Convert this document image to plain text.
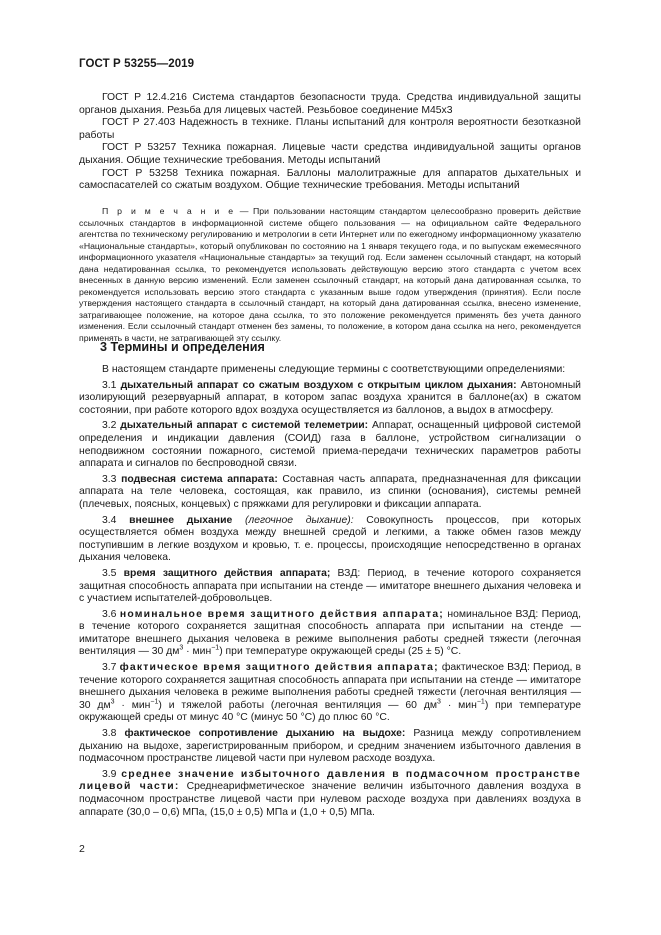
ГОСТ Р 53255—2019

ГОСТ Р 12.4.216 Система стандартов безопасности труда. Средства индивидуальной защиты органов дыхания. Резьба для лицевых частей. Резьбовое соединение M45x3

ГОСТ Р 27.403 Надежность в технике. Планы испытаний для контроля вероятности безотказной работы

ГОСТ Р 53257 Техника пожарная. Лицевые части средства индивидуальной защиты органов дыхания. Общие технические требования. Методы испытаний

ГОСТ Р 53258 Техника пожарная. Баллоны малолитражные для аппаратов дыхательных и самоспасателей со сжатым воздухом. Общие технические требования. Методы испытаний

П р и м е ч а н и е — При пользовании настоящим стандартом целесообразно проверить действие ссылочных стандартов в информационной системе общего пользования — на официальном сайте Федерального агентства по техническому регулированию и метрологии в сети Интернет или по ежегодному информационному указателю «Национальные стандарты», который опубликован по состоянию на 1 января текущего года, и по выпускам ежемесячного информационного указателя «Национальные стандарты» за текущий год. Если заменен ссылочный стандарт, на который дана недатированная ссылка, то рекомендуется использовать действующую версию этого стандарта с учетом всех внесенных в данную версию изменений. Если заменен ссылочный стандарт, на который дана датированная ссылка, то рекомендуется использовать версию этого стандарта с указанным выше годом утверждения (принятия). Если после утверждения настоящего стандарта в ссылочный стандарт, на который дана датированная ссылка, внесено изменение, затрагивающее положение, на которое дана ссылка, то это положение рекомендуется применять без учета данного изменения. Если ссылочный стандарт отменен без замены, то положение, в котором дана ссылка на него, рекомендуется применять в части, не затрагивающей эту ссылку.

3 Термины и определения

В настоящем стандарте применены следующие термины с соответствующими определениями:

3.1 дыхательный аппарат со сжатым воздухом с открытым циклом дыхания: Автономный изолирующий резервуарный аппарат, в котором запас воздуха хранится в баллоне(ах) в сжатом состоянии, при работе которого вдох воздуха осуществляется из баллонов, а выдох в атмосферу.

3.2 дыхательный аппарат с системой телеметрии: Аппарат, оснащенный цифровой системой определения и индикации давления (СОИД) газа в баллоне, устройством сигнализации о неподвижном состоянии пожарного, системой приема-передачи технических параметров работы аппарата и сигналов по беспроводной связи.

3.3 подвесная система аппарата: Составная часть аппарата, предназначенная для фиксации аппарата на теле человека, состоящая, как правило, из спинки (основания), системы ремней (плечевых, поясных, концевых) с пряжками для регулировки и фиксации аппарата.

3.4 внешнее дыхание (легочное дыхание): Совокупность процессов, при которых осуществляется обмен воздуха между внешней средой и легкими, а также обмен газов между поступившим в легкие воздухом и кровью, т. е. процессы, происходящие непосредственно в органах дыхания человека.

3.5 время защитного действия аппарата; ВЗД: Период, в течение которого сохраняется защитная способность аппарата при испытании на стенде — имитаторе внешнего дыхания человека и с участием испытателей-добровольцев.

3.6 номинальное время защитного действия аппарата; номинальное ВЗД: Период, в течение которого сохраняется защитная способность аппарата при испытании на стенде — имитаторе внешнего дыхания человека в режиме выполнения работы средней тяжести (легочная вентиляция — 30 $дм^3 \cdot мин^{-1}$) при температуре окружающей среды (25 ± 5) °С.

3.7 фактическое время защитного действия аппарата; фактическое ВЗД: Период, в течение которого сохраняется защитная способность аппарата при испытании на стенде — имитаторе внешнего дыхания человека в режиме выполнения работы средней тяжести (легочная вентиляция — 30 $дм^3 \cdot мин^{-1}$) и тяжелой работы (легочная вентиляция — 60 $дм^3 \cdot мин^{-1}$) при температуре окружающей среды от минус 40 °С (минус 50 °С) до плюс 60 °С.

3.8 фактическое сопротивление дыханию на выдохе: Разница между сопротивлением дыханию на выдохе, зарегистрированным прибором, и средним значением избыточного давления в подмасочном пространстве лицевой части при нулевом расходе воздуха.

3.9 среднее значение избыточного давления в подмасочном пространстве лицевой части: Среднеарифметическое значение величин избыточного давления воздуха в подмасочном пространстве лицевой части при нулевом расходе воздуха при давлениях воздуха в аппарате (30,0 – 0,6) МПа, (15,0 ± 0,5) МПа и (1,0 + 0,5) МПа.

2
